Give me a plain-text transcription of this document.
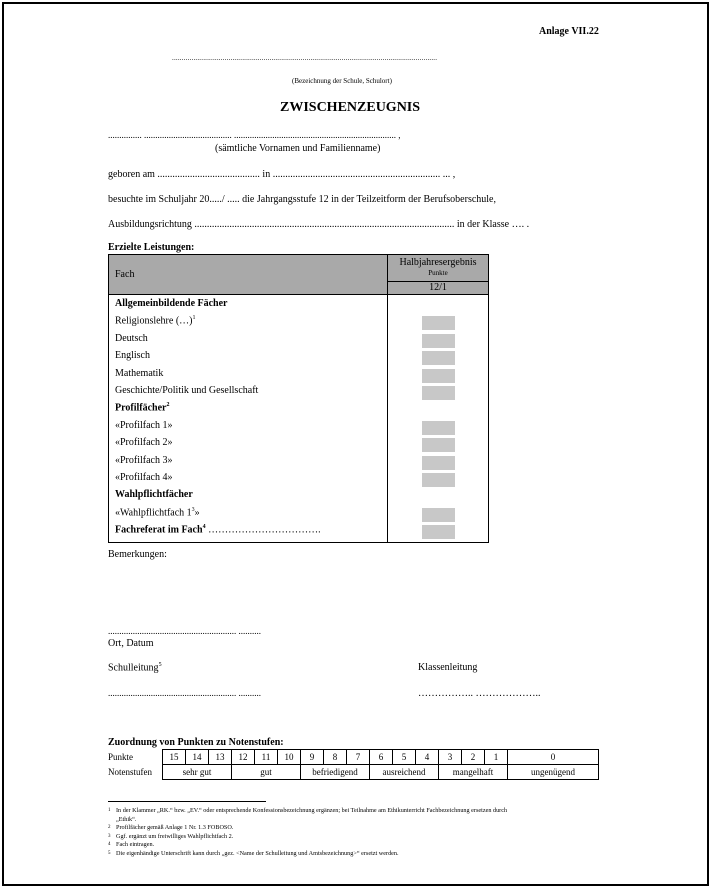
Anlage VII.22
........................................................................................................................................
(Bezeichnung der Schule, Schulort)
ZWISCHENZEUGNIS
............... ....................................... ........................................................................ ,
(sämtliche Vornamen und Familienname)
geboren am ......................................... in ................................................................... ... ,
besuchte im Schuljahr 20...../ ..... die Jahrgangsstufe 12 in der Teilzeitform der Berufsoberschule,
Ausbildungsrichtung ........................................................................................................ in der Klasse …. .
Erzielte Leistungen:
Fach
Halbjahresergebnis
Punkte
12/1
Allgemeinbildende Fächer
Religionslehre (…)$^1$
Deutsch
Englisch
Mathematik
Geschichte/Politik und Gesellschaft
Profilfächer$^2$
«Profilfach 1»
«Profilfach 2»
«Profilfach 3»
«Profilfach 4»
Wahlpflichtfächer
«Wahlpflichtfach $1^3$»
Fachreferat im Fach$^4$ …………………………….
Bemerkungen:
......................................................... ..........
Ort, Datum
Schulleitung$^5$	Klassenleitung
......................................................... ..........	…………….. ………………..
Zuordnung von Punkten zu Notenstufen:
Punkte	15	14	13	12	11	10	9	8	7	6	5	4	3	2	1	0
Notenstufen	sehr gut			gut			befriedigend			ausreichend			mangelhaft			ungenügend
1 In der Klammer „RK.“ bzw. „EV.“ oder entsprechende Konfessionsbezeichnung ergänzen; bei Teilnahme am Ethikunterricht Fachbezeichnung ersetzen durch
„Ethik“.
2 Profilfächer gemäß Anlage 1 Nr. 1.3 FOBOSO.
3 Ggf. ergänzt um freiwilliges Wahlpflichtfach 2.
4 Fach eintragen.
5 Die eigenhändige Unterschrift kann durch „gez. <Name der Schulleitung und Amtsbezeichnung>“ ersetzt werden.
